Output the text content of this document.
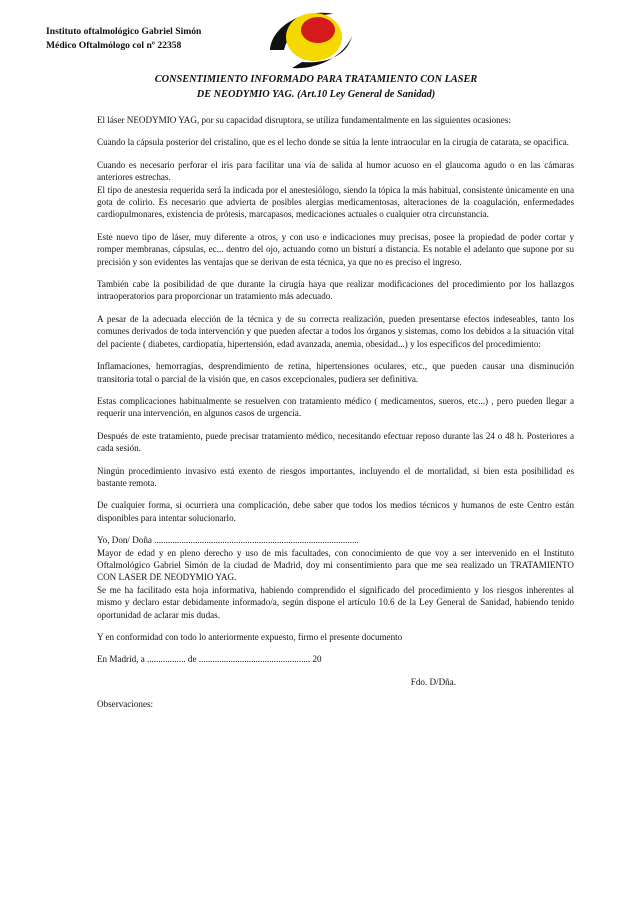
Instituto oftalmológico Gabriel Simón
Médico Oftalmólogo col nº 22358
CONSENTIMIENTO INFORMADO PARA TRATAMIENTO CON LASER
DE NEODYMIO YAG. (Art.10 Ley General de Sanidad)

El láser NEODYMIO YAG, por su capacidad disruptora, se utiliza fundamentalmente en las siguientes ocasiones:

Cuando la cápsula posterior del cristalino, que es el lecho donde se sitúa la lente intraocular en la cirugía de catarata, se opacifica.

Cuando es necesario perforar el iris para facilitar una vía de salida al humor acuoso en el glaucoma agudo o en las cámaras anteriores estrechas.

El tipo de anestesia requerida será la indicada por el anestesiólogo, siendo la tópica la más habitual, consistente únicamente en una gota de colirio. Es necesario que advierta de posibles alergias medicamentosas, alteraciones de la coagulación, enfermedades cardiopulmonares, existencia de prótesis, marcapasos, medicaciones actuales o cualquier otra circunstancia.

Este nuevo tipo de láser, muy diferente a otros, y con uso e indicaciones muy precisas, posee la propiedad de poder cortar y romper membranas, cápsulas, ec... dentro del ojo, actuando como un bisturí a distancia. Es notable el adelanto que supone por su precisión y son evidentes las ventajas que se derivan de esta técnica, ya que no es preciso el ingreso.

También cabe la posibilidad de que durante la cirugía haya que realizar modificaciones del procedimiento por los hallazgos intraoperatorios para proporcionar un tratamiento más adecuado.

A pesar de la adecuada elección de la técnica y de su correcta realización, pueden presentarse efectos indeseables, tanto los comunes derivados de toda intervención y que pueden afectar a todos los órganos y sistemas, como los debidos a la situación vital del paciente ( diabetes, cardiopatía, hipertensión, edad avanzada, anemia, obesidad...) y los específicos del procedimiento:

Inflamaciones, hemorragias, desprendimiento de retina, hipertensiones oculares, etc., que pueden causar una disminución transitoria total o parcial de la visión que, en casos excepcionales, pudiera ser definitiva.

Estas complicaciones habitualmente se resuelven con tratamiento médico ( medicamentos, sueros, etc...) , pero pueden llegar a requerir una intervención, en algunos casos de urgencia.

Después de este tratamiento, puede precisar tratamiento médico, necesitando efectuar reposo durante las 24 o 48 h. Posteriores a cada sesión.

Ningún procedimiento invasivo está exento de riesgos importantes, incluyendo el de mortalidad, si bien esta posibilidad es bastante remota.

De cualquier forma, si ocurriera una complicación, debe saber que todos los medios técnicos y humanos de este Centro están disponibles para intentar solucionarlo.

Yo, Don/ Doña ..........................................................................................

Mayor de edad y en pleno derecho y uso de mis facultades, con conocimiento de que voy a ser intervenido en el Instituto Oftalmológico Gabriel Simón de la ciudad de Madrid, doy mi consentimiento para que me sea realizado un TRATAMIENTO CON LASER DE NEODYMIO YAG.

Se me ha facilitado esta hoja informativa, habiendo comprendido el significado del procedimiento y los riesgos inherentes al mismo y declaro estar debidamente informado/a, según dispone el artículo 10.6 de la Ley General de Sanidad, habiendo tenido oportunidad de aclarar mis dudas.

Y en conformidad con todo lo anteriormente expuesto, firmo el presente documento

En Madrid, a ................. de ................................................. 20

Fdo. D/Dña.

Observaciones:
